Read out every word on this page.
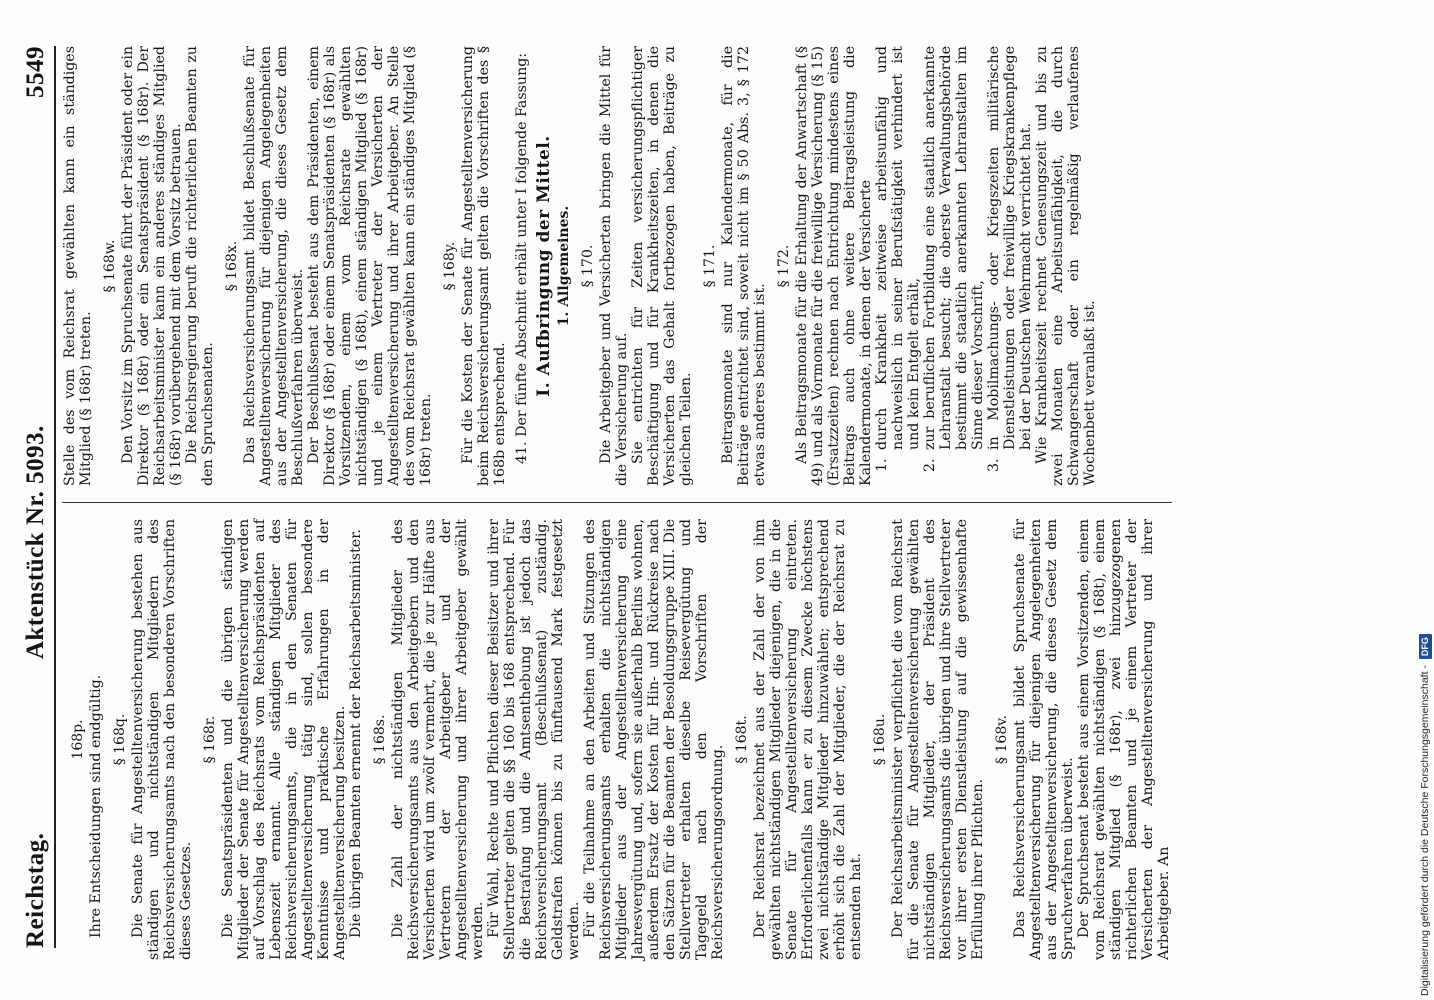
Reichstag.
Aktenstück Nr. 5093.
5549

168p. Ihre Entscheidungen sind endgültig. § 168q. Die Senate für Angestelltenversicherung bestehen aus ständigen und nichtständigen Mitgliedern des Reichsversicherungsamts nach den besonderen Vorschriften dieses Gesetzes.

§ 168r. Die Senatspräsidenten und die übrigen ständigen Mitglieder der Senate für Angestelltenversicherung werden auf Vorschlag des Reichsrats vom Reichspräsidenten auf Lebenszeit ernannt. Alle ständigen Mitglieder des Reichsversicherungsamts, die in den Senaten für Angestelltenversicherung tätig sind, sollen besondere Kenntnisse und praktische Erfahrungen in der Angestelltenversicherung besitzen. Die übrigen Beamten ernennt der Reichsarbeitsminister. § 168s. Die Zahl der nichtständigen Mitglieder des Reichsversicherungsamts aus den Arbeitgebern und den Versicherten wird um zwölf vermehrt, die je zur Hälfte aus Vertretern der Arbeitgeber und der Angestelltenversicherung und ihrer Arbeitgeber gewählt werden. Für Wahl, Rechte und Pflichten dieser Beisitzer und ihrer Stellvertreter gelten die §§ 160 bis 168 entsprechend. Für die Bestrafung und die Amtsenthebung ist jedoch das Reichsversicherungsamt (Beschlußsenat) zuständig. Geldstrafen können bis zu fünftausend Mark festgesetzt werden. Für die Teilnahme an den Arbeiten und Sitzungen des Reichsversicherungsamts erhalten die nichtständigen Mitglieder aus der Angestelltenversicherung eine Jahresvergütung und, sofern sie außerhalb Berlins wohnen, außerdem Ersatz der Kosten für Hin- und Rückreise nach den Sätzen für die Beamten der Besoldungsgruppe XIII. Die Stellvertreter erhalten dieselbe Reisevergütung und Tagegeld nach den Vorschriften der Reichsversicherungsordnung.

§ 168t. Der Reichsrat bezeichnet aus der Zahl der von ihm gewählten nichtständigen Mitglieder diejenigen, die in die Senate für Angestelltenversicherung eintreten. Erforderlichenfalls kann er zu diesem Zwecke höchstens zwei nichtständige Mitglieder hinzuwählen; entsprechend erhöht sich die Zahl der Mitglieder, die der Reichsrat zu entsenden hat.

§ 168u. Der Reichsarbeitsminister verpflichtet die vom Reichsrat für die Senate für Angestelltenversicherung gewählten nichtständigen Mitglieder, der Präsident des Reichsversicherungsamts die übrigen und ihre Stellvertreter vor ihrer ersten Dienstleistung auf die gewissenhafte Erfüllung ihrer Pflichten.

§ 168v. Das Reichsversicherungsamt bildet Spruchsenate für Angestelltenversicherung für diejenigen Angelegenheiten aus der Angestelltenversicherung, die dieses Gesetz dem Spruchverfahren überweist. Der Spruchsenat besteht aus einem Vorsitzenden, einem vom Reichsrat gewählten nichtständigen (§ 168t), einem ständigen Mitglied (§ 168r), zwei hinzugezogenen richterlichen Beamten und je einem Vertreter der Versicherten der Angestelltenversicherung und ihrer Arbeitgeber. An

Stelle des vom Reichsrat gewählten kann ein ständiges Mitglied (§ 168r) treten.

§ 168w. Den Vorsitz im Spruchsenate führt der Präsident oder ein Direktor (§ 168r) oder ein Senatspräsident (§ 168r). Der Reichsarbeitsminister kann ein anderes ständiges Mitglied (§ 168r) vorübergehend mit dem Vorsitz betrauen. Die Reichsregierung beruft die richterlichen Beamten zu den Spruchsenaten.

§ 168x. Das Reichsversicherungsamt bildet Beschlußsenate für Angestelltenversicherung für diejenigen Angelegenheiten aus der Angestelltenversicherung, die dieses Gesetz dem Beschlußverfahren überweist. Der Beschlußsenat besteht aus dem Präsidenten, einem Direktor (§ 168r) oder einem Senatspräsidenten (§ 168r) als Vorsitzendem, einem vom Reichsrate gewählten nichtständigen (§ 168t), einem ständigen Mitglied (§ 168r) und je einem Vertreter der Versicherten der Angestelltenversicherung und ihrer Arbeitgeber. An Stelle des vom Reichsrat gewählten kann ein ständiges Mitglied (§ 168r) treten.

§ 168y. Für die Kosten der Senate für Angestelltenversicherung beim Reichsversicherungsamt gelten die Vorschriften des § 168b entsprechend. 41. Der fünfte Abschnitt erhält unter I folgende Fassung: I. Aufbringung der Mittel. 1. Allgemeines. § 170. Die Arbeitgeber und Versicherten bringen die Mittel für die Versicherung auf. Sie entrichten für Zeiten versicherungspflichtiger Beschäftigung und für Krankheitszeiten, in denen die Versicherten das Gehalt fortbezogen haben, Beiträge zu gleichen Teilen.

§ 171. Beitragsmonate sind nur Kalendermonate, für die Beiträge entrichtet sind, soweit nicht im § 50 Abs. 3, § 172 etwas anderes bestimmt ist.

§ 172. Als Beitragsmonate für die Erhaltung der Anwartschaft (§ 49) und als Vormonate für die freiwillige Versicherung (§ 15) (Ersatzzeiten) rechnen nach Entrichtung mindestens eines Beitrags auch ohne weitere Beitragsleistung die Kalendermonate, in denen der Versicherte 1.
durch Krankheit zeitweise arbeitsunfähig und nachweislich in seiner Berufstätigkeit verhindert ist und kein Entgelt erhält,

2.
zur beruflichen Fortbildung eine staatlich anerkannte Lehranstalt besucht; die oberste Verwaltungsbehörde bestimmt die staatlich anerkannten Lehranstalten im Sinne dieser Vorschrift,

3.
in Mobilmachungs- oder Kriegszeiten militärische Dienstleistungen oder freiwillige Kriegskrankenpflege bei der Deutschen Wehrmacht verrichtet hat. Wie Krankheitszeit rechnet Genesungszeit und bis zu zwei Monaten eine Arbeitsunfähigkeit, die durch Schwangerschaft oder ein regelmäßig verlaufenes Wochenbett veranlaßt ist.

Digitalisierung gefördert durch die Deutsche Forschungsgemeinschaft -
DFG
